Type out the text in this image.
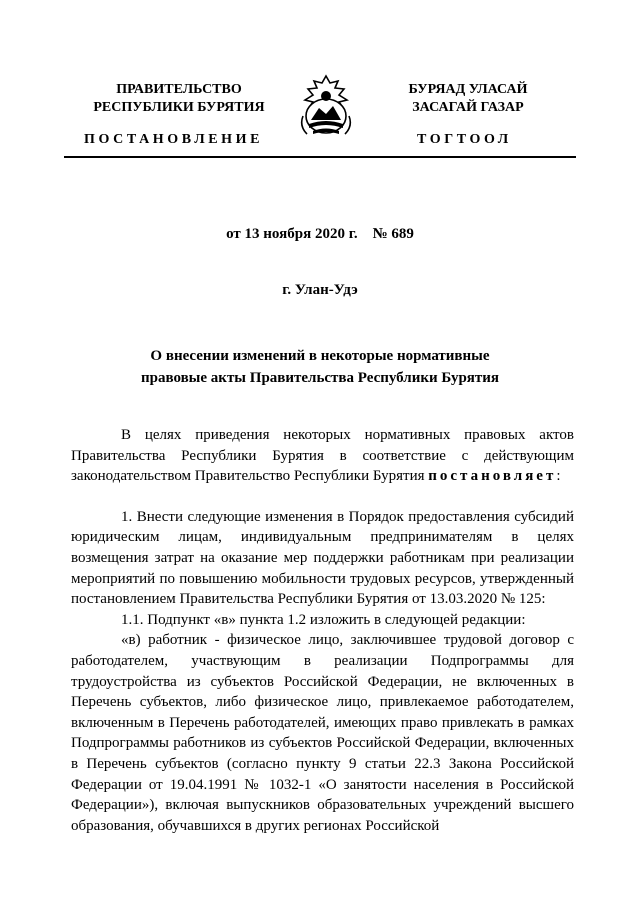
ПРАВИТЕЛЬСТВО
РЕСПУБЛИКИ БУРЯТИЯ
БУРЯАД УЛАСАЙ
ЗАСАГАЙ ГАЗАР
ПОСТАНОВЛЕНИЕ	ТОГТООЛ
от 13 ноября 2020 г.    № 689
г. Улан-Удэ
О внесении изменений в некоторые нормативные
правовые акты Правительства Республики Бурятия

В целях приведения некоторых нормативных правовых актов Правительства Республики Бурятия в соответствие с действующим законодательством Правительство Республики Бурятия постановляет:

1. Внести следующие изменения в Порядок предоставления субсидий юридическим лицам, индивидуальным предпринимателям в целях возмещения затрат на оказание мер поддержки работникам при реализации мероприятий по повышению мобильности трудовых ресурсов, утвержденный постановлением Правительства Республики Бурятия от 13.03.2020 № 125:

1.1. Подпункт «в» пункта 1.2 изложить в следующей редакции:

«в) работник - физическое лицо, заключившее трудовой договор с работодателем, участвующим в реализации Подпрограммы для трудоустройства из субъектов Российской Федерации, не включенных в Перечень субъектов, либо физическое лицо, привлекаемое работодателем, включенным в Перечень работодателей, имеющих право привлекать в рамках Подпрограммы работников из субъектов Российской Федерации, включенных в Перечень субъектов (согласно пункту 9 статьи 22.3 Закона Российской Федерации от 19.04.1991 № 1032-1 «О занятости населения в Российской Федерации»), включая выпускников образовательных учреждений высшего образования, обучавшихся в других регионах Российской
